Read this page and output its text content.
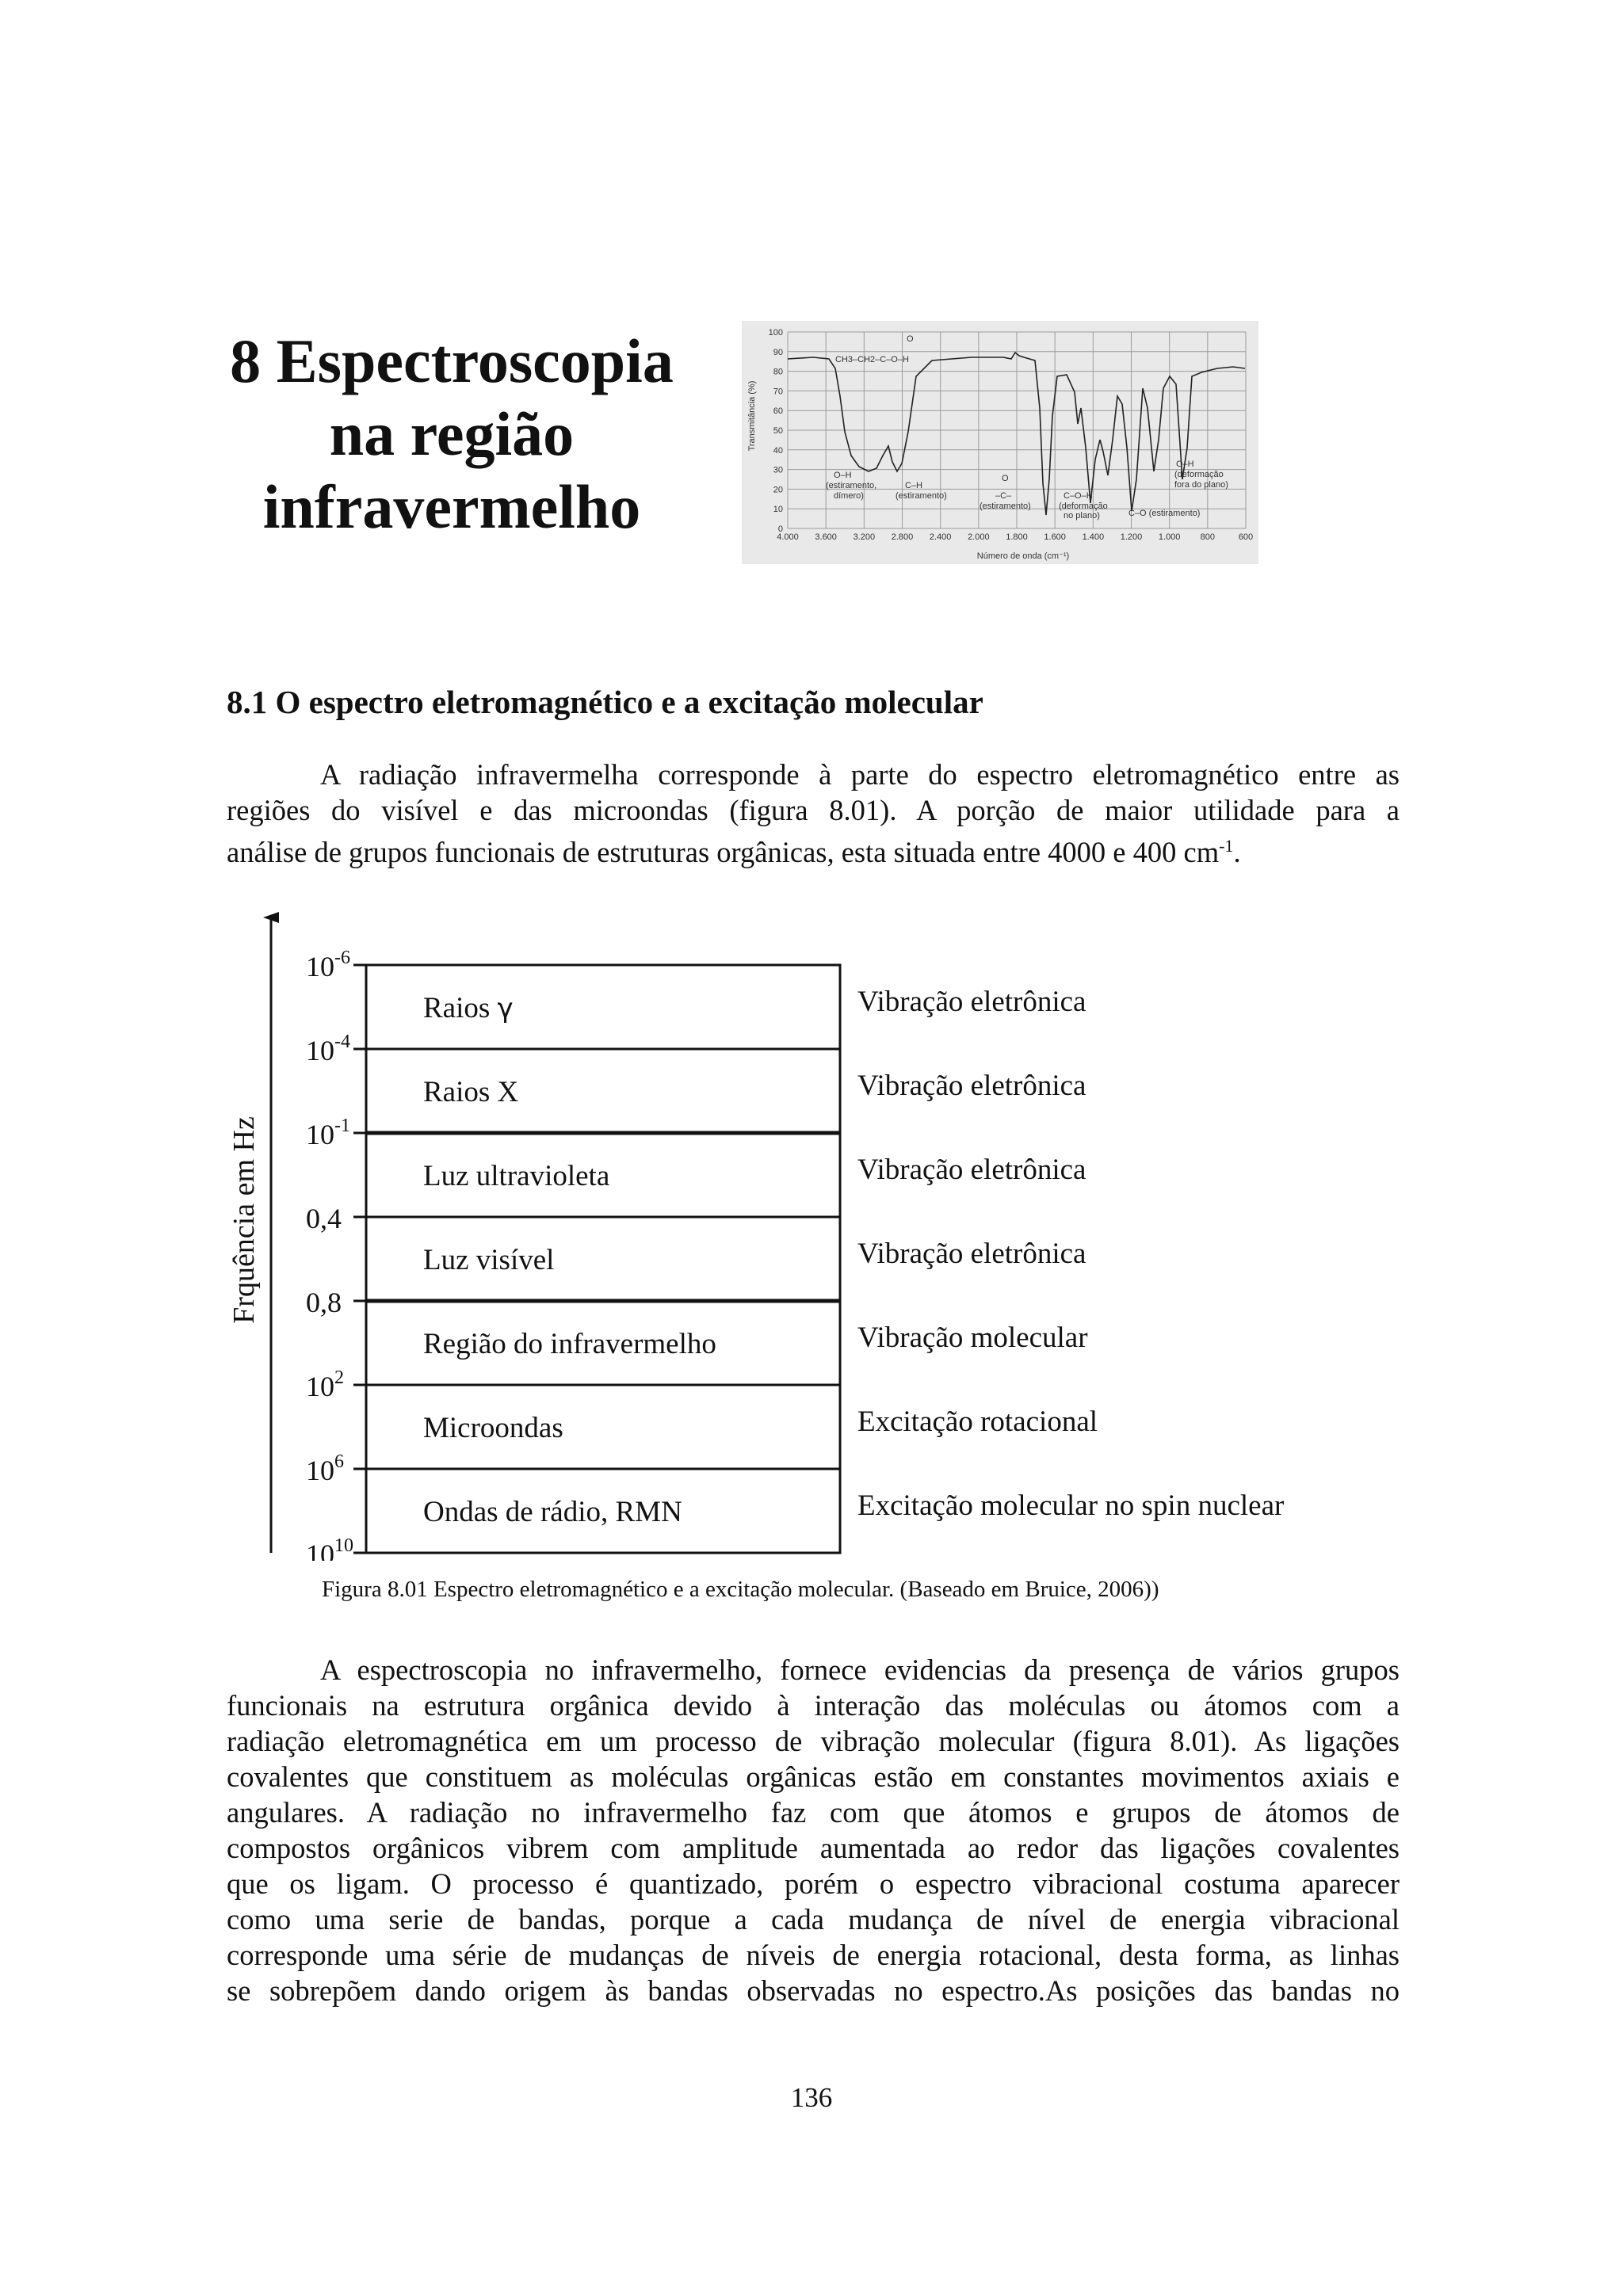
8 Espectroscopia
na região
infravermelho
100
90
80
70
60
50
40
30
20
10
0
4.000 3.600 3.200 2.800 2.400 2.000 1.800 1.600 1.400 1.200 1.000 800	600
Transmitância (%)
Número de onda (cm⁻¹)
O
CH3–CH2–C–O–H
O–H
(estiramento,
dímero)
C–H
(estiramento)
O
–C–
(estiramento)
C–O–H
(deformação
no plano)	C–O (estiramento)
O–H
(deformação
fora do plano)
8.1 O espectro eletromagnético e a excitação molecular
A radiação infravermelha corresponde à parte do espectro eletromagnético entre as
regiões do visível e das microondas (figura 8.01). A porção de maior utilidade para a
análise de grupos funcionais de estruturas orgânicas, esta situada entre 4000 e 400 $cm^{-1}$.
Frquência em Hz
$10^{-6}$
$10^{-4}$
$10^{-1}$
0,4
0,8
$10^2$
$10^6$
$10^{10}$
Raios γ	Vibração eletrônica
Raios X	Vibração eletrônica
Luz ultravioleta	Vibração eletrônica
Luz visível	Vibração eletrônica
Região do infravermelho	Vibração molecular
Microondas	Excitação rotacional
Ondas de rádio, RMN	Excitação molecular no spin nuclear
Figura 8.01 Espectro eletromagnético e a excitação molecular. (Baseado em Bruice, 2006))
A espectroscopia no infravermelho, fornece evidencias da presença de vários grupos
funcionais na estrutura orgânica devido à interação das moléculas ou átomos com a
radiação eletromagnética em um processo de vibração molecular (figura 8.01). As ligações
covalentes que constituem as moléculas orgânicas estão em constantes movimentos axiais e
angulares. A radiação no infravermelho faz com que átomos e grupos de átomos de
compostos orgânicos vibrem com amplitude aumentada ao redor das ligações covalentes
que os ligam. O processo é quantizado, porém o espectro vibracional costuma aparecer
como uma serie de bandas, porque a cada mudança de nível de energia vibracional
corresponde uma série de mudanças de níveis de energia rotacional, desta forma, as linhas
se sobrepõem dando origem às bandas observadas no espectro.As posições das bandas no
136
